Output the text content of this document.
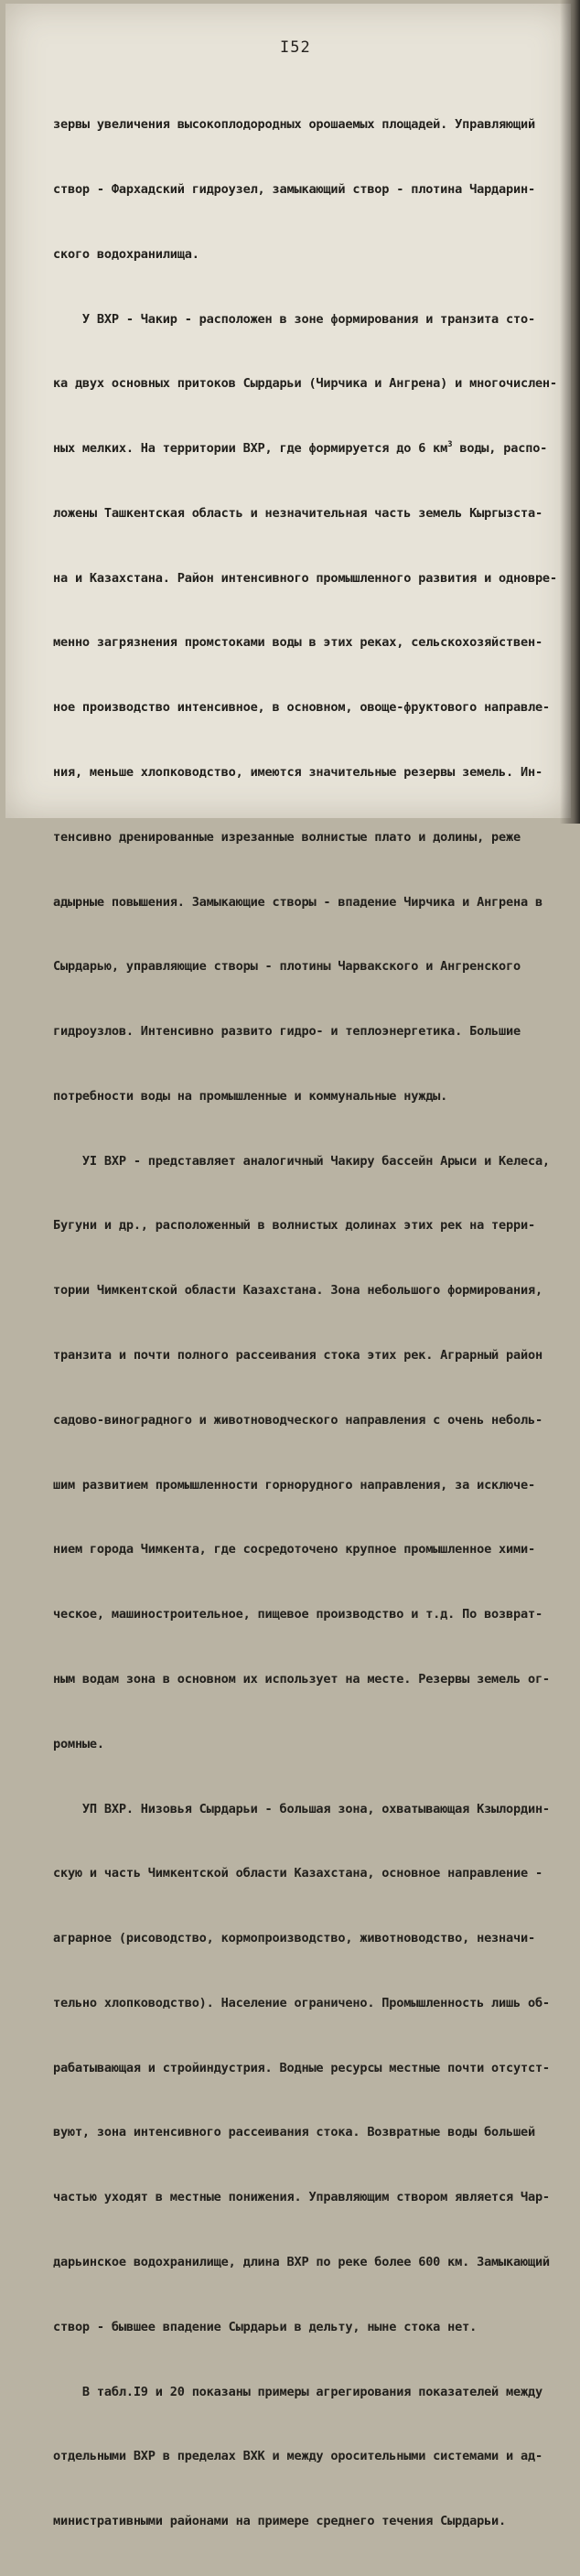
I52

зервы увеличения высокоплодородных орошаемых площадей. Управляющий

створ - Фархадский гидроузел, замыкающий створ - плотина Чардарин-

ского водохранилища.

У ВХР - Чакир - расположен в зоне формирования и транзита сто-

ка двух основных притоков Сырдарьи (Чирчика и Ангрена) и многочислен-

ных мелких. На территории ВХР, где формируется до 6 $км^3$ воды, распо-

ложены Ташкентская область и незначительная часть земель Кыргызста-

на и Казахстана. Район интенсивного промышленного развития и одновре-

менно загрязнения промстоками воды в этих реках, сельскохозяйствен-

ное производство интенсивное, в основном, овоще-фруктового направле-

ния, меньше хлопководство, имеются значительные резервы земель. Ин-

тенсивно дренированные изрезанные волнистые плато и долины, реже

адырные повышения. Замыкающие створы - впадение Чирчика и Ангрена в

Сырдарью, управляющие створы - плотины Чарвакского и Ангренского

гидроузлов. Интенсивно развито гидро- и теплоэнергетика. Большие

потребности воды на промышленные и коммунальные нужды.

УI ВХР - представляет аналогичный Чакиру бассейн Арыси и Келеса,

Бугуни и др., расположенный в волнистых долинах этих рек на терри-

тории Чимкентской области Казахстана. Зона небольшого формирования,

транзита и почти полного рассеивания стока этих рек. Аграрный район

садово-виноградного и животноводческого направления с очень неболь-

шим развитием промышленности горнорудного направления, за исключе-

нием города Чимкента, где сосредоточено крупное промышленное хими-

ческое, машиностроительное, пищевое производство и т.д. По возврат-

ным водам зона в основном их использует на месте. Резервы земель ог-

ромные.

УП ВХР. Низовья Сырдарьи - большая зона, охватывающая Кзылордин-

скую и часть Чимкентской области Казахстана, основное направление -

аграрное (рисоводство, кормопроизводство, животноводство, незначи-

тельно хлопководство). Население ограничено. Промышленность лишь об-

рабатывающая и стройиндустрия. Водные ресурсы местные почти отсутст-

вуют, зона интенсивного рассеивания стока. Возвратные воды большей

частью уходят в местные понижения. Управляющим створом является Чар-

дарьинское водохранилище, длина ВХР по реке более 600 км. Замыкающий

створ - бывшее впадение Сырдарьи в дельту, ныне стока нет.

В табл.I9 и 20 показаны примеры агрегирования показателей между

отдельными ВХР в пределах ВХК и между оросительными системами и ад-

министративными районами на примере среднего течения Сырдарьи.
